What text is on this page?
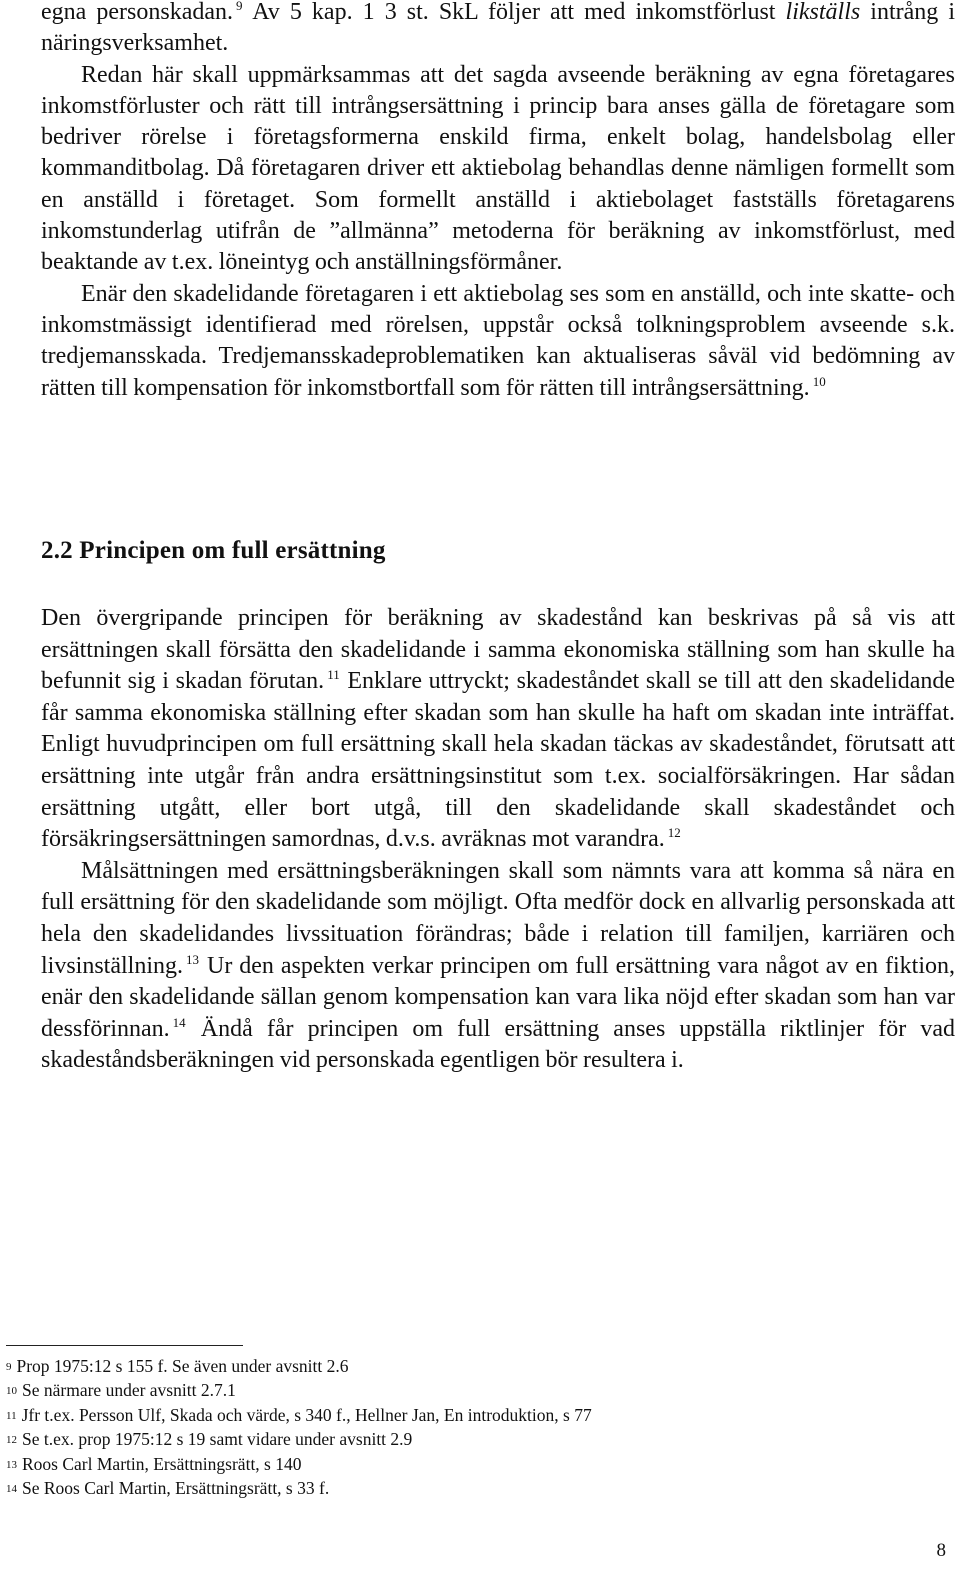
egna personskadan. $^9$ Av 5 kap. 1 3 st. SkL följer att med inkomstförlust likställs intrång i näringsverksamhet.

Redan här skall uppmärksammas att det sagda avseende beräkning av egna företagares inkomstförluster och rätt till intrångsersättning i princip bara anses gälla de företagare som bedriver rörelse i företagsformerna enskild firma, enkelt bolag, handelsbolag eller kommanditbolag. Då företagaren driver ett aktiebolag behandlas denne nämligen formellt som en anställd i företaget. Som formellt anställd i aktiebolaget fastställs företagarens inkomstunderlag utifrån de ”allmänna” metoderna för beräkning av inkomstförlust, med beaktande av t.ex. löneintyg och anställningsförmåner.

Enär den skadelidande företagaren i ett aktiebolag ses som en anställd, och inte skatte- och inkomstmässigt identifierad med rörelsen, uppstår också tolkningsproblem avseende s.k. tredjemansskada. Tredjemansskadeproblematiken kan aktualiseras såväl vid bedömning av rätten till kompensation för inkomstbortfall som för rätten till intrångsersättning. $^{10}$

2.2 Principen om full ersättning

Den övergripande principen för beräkning av skadestånd kan beskrivas på så vis att ersättningen skall försätta den skadelidande i samma ekonomiska ställning som han skulle ha befunnit sig i skadan förutan. $^{11}$ Enklare uttryckt; skadeståndet skall se till att den skadelidande får samma ekonomiska ställning efter skadan som han skulle ha haft om skadan inte inträffat. Enligt huvudprincipen om full ersättning skall hela skadan täckas av skadeståndet, förutsatt att ersättning inte utgår från andra ersättningsinstitut som t.ex. socialförsäkringen. Har sådan ersättning utgått, eller bort utgå, till den skadelidande skall skadeståndet och försäkringsersättningen samordnas, d.v.s. avräknas mot varandra. $^{12}$

Målsättningen med ersättningsberäkningen skall som nämnts vara att komma så nära en full ersättning för den skadelidande som möjligt. Ofta medför dock en allvarlig personskada att hela den skadelidandes livssituation förändras; både i relation till familjen, karriären och livsinställning. $^{13}$ Ur den aspekten verkar principen om full ersättning vara något av en fiktion, enär den skadelidande sällan genom kompensation kan vara lika nöjd efter skadan som han var dessförinnan. $^{14}$ Ändå får principen om full ersättning anses uppställa riktlinjer för vad skadeståndsberäkningen vid personskada egentligen bör resultera i.

$^9$ Prop 1975:12 s 155 f. Se även under avsnitt 2.6
$^{10}$ Se närmare under avsnitt 2.7.1
$^{11}$ Jfr t.ex. Persson Ulf, Skada och värde, s 340 f., Hellner Jan, En introduktion, s 77
$^{12}$ Se t.ex. prop 1975:12 s 19 samt vidare under avsnitt 2.9
$^{13}$ Roos Carl Martin, Ersättningsrätt, s 140
$^{14}$ Se Roos Carl Martin, Ersättningsrätt, s 33 f.
8
